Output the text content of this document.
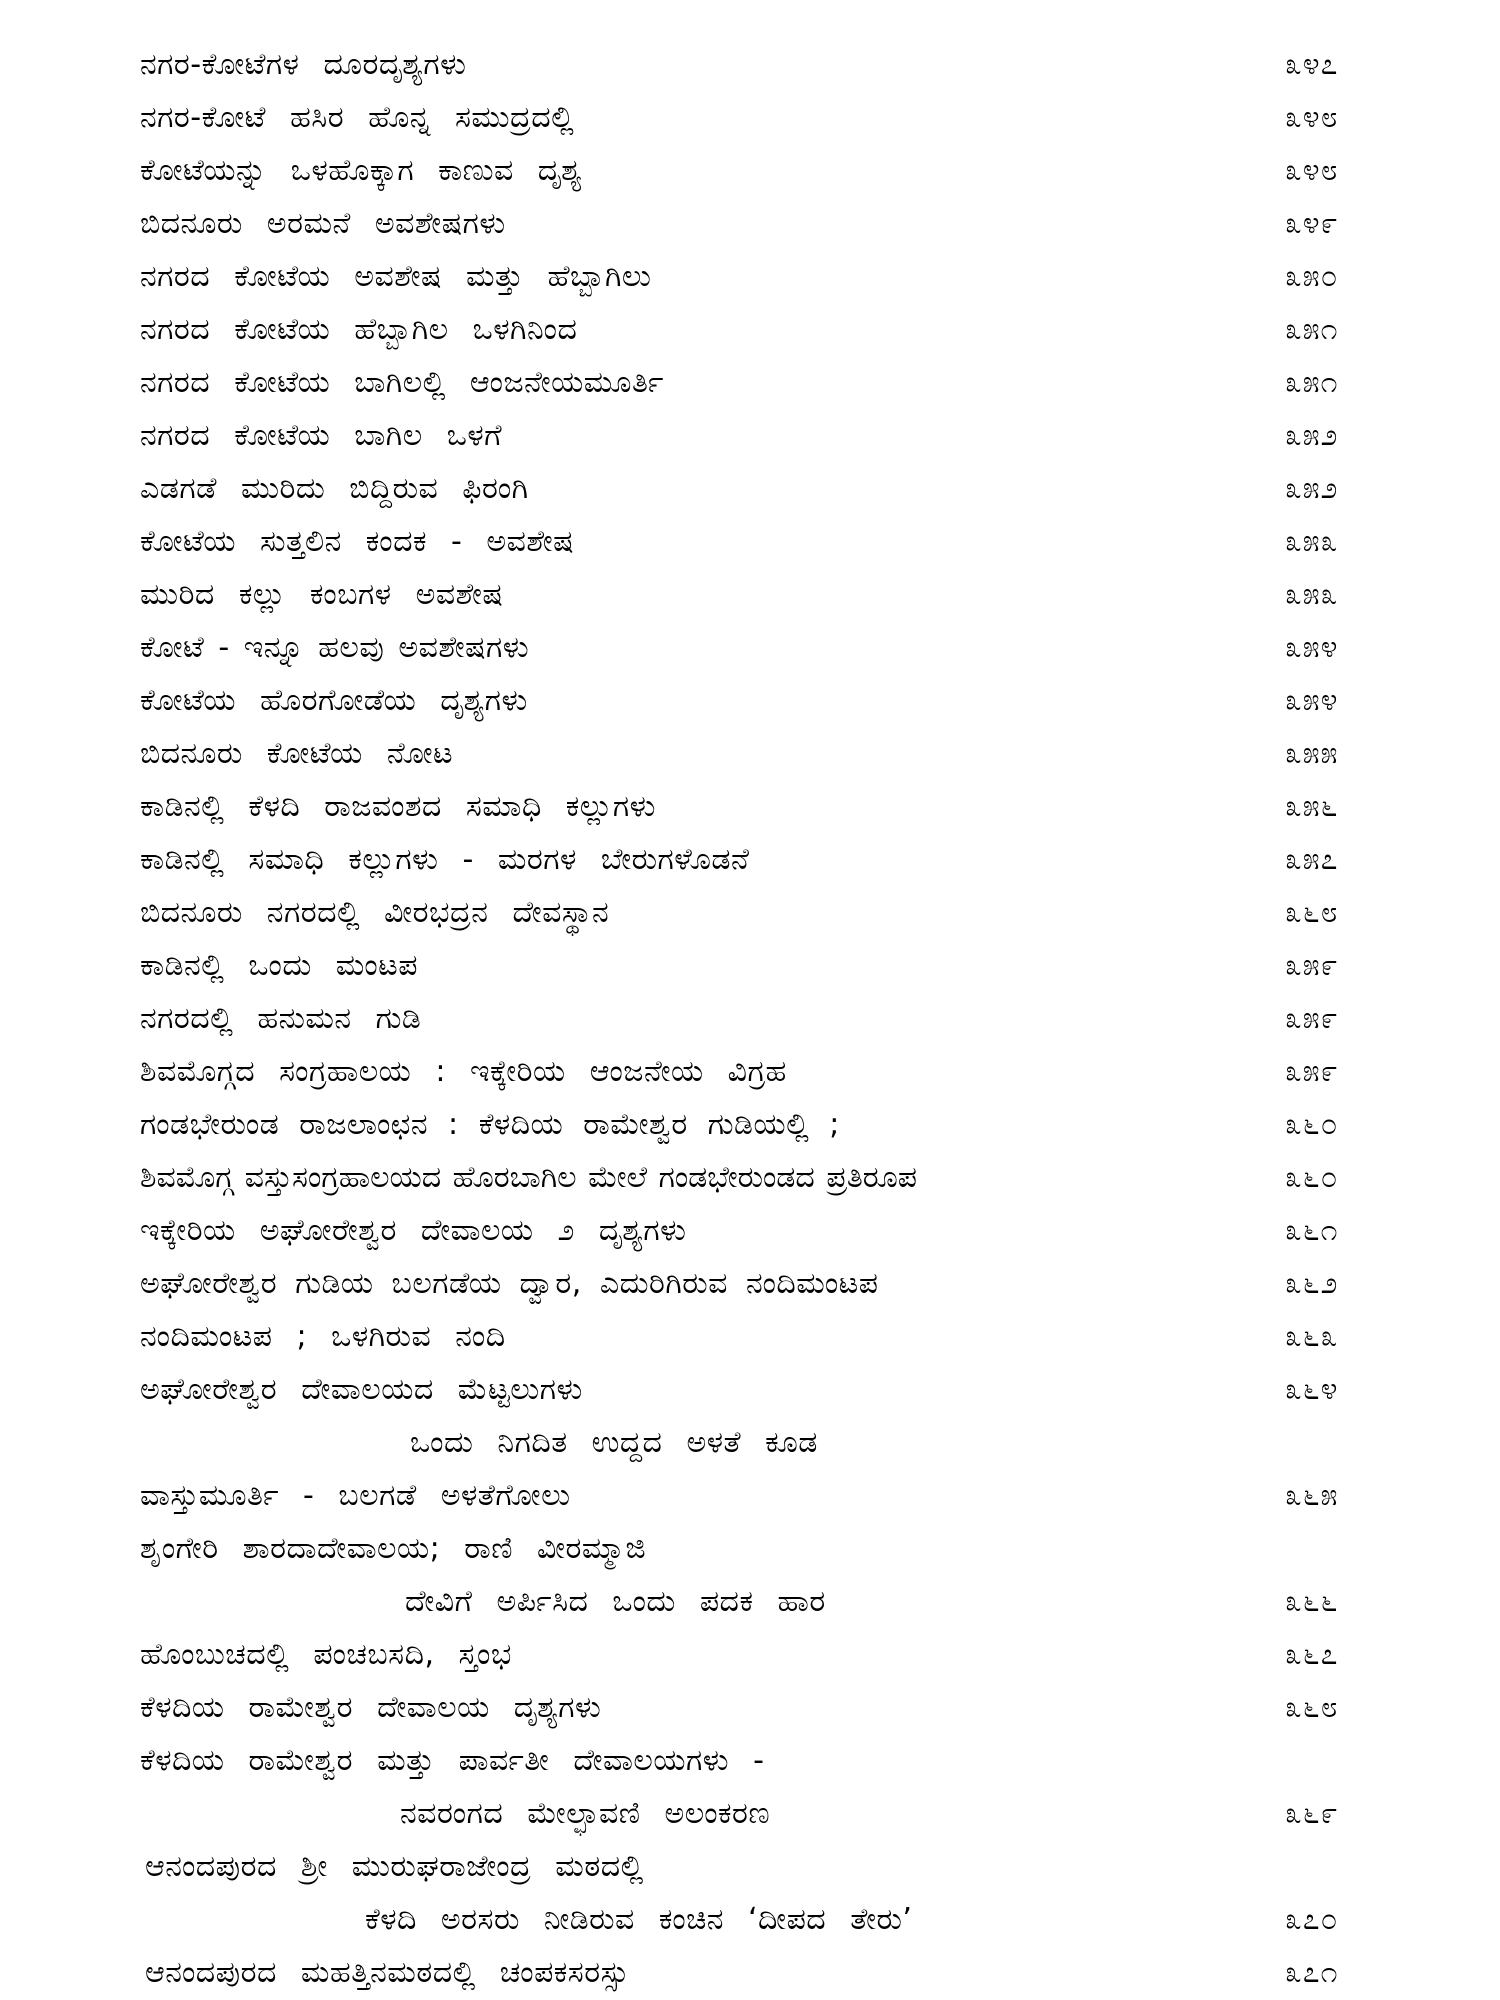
ನಗರ-ಕೋಟೆಗಳ ದೂರದೃಶ್ಯಗಳು	೩೪೭
ನಗರ-ಕೋಟೆ ಹಸಿರ ಹೊನ್ನ ಸಮುದ್ರದಲ್ಲಿ	೩೪೮
ಕೋಟೆಯನ್ನು ಒಳಹೊಕ್ಕಾಗ ಕಾಣುವ ದೃಶ್ಯ	೩೪೮
ಬಿದನೂರು ಅರಮನೆ ಅವಶೇಷಗಳು	೩೪೯
ನಗರದ ಕೋಟೆಯ ಅವಶೇಷ ಮತ್ತು ಹೆಬ್ಬಾಗಿಲು	೩೫೦
ನಗರದ ಕೋಟೆಯ ಹೆಬ್ಬಾಗಿಲ ಒಳಗಿನಿಂದ	೩೫೧
ನಗರದ ಕೋಟೆಯ ಬಾಗಿಲಲ್ಲಿ ಆಂಜನೇಯಮೂರ್ತಿ	೩೫೧
ನಗರದ ಕೋಟೆಯ ಬಾಗಿಲ ಒಳಗೆ	೩೫೨
ಎಡಗಡೆ ಮುರಿದು ಬಿದ್ದಿರುವ ಫಿರಂಗಿ	೩೫೨
ಕೋಟೆಯ ಸುತ್ತಲಿನ ಕಂದಕ - ಅವಶೇಷ	೩೫೩
ಮುರಿದ ಕಲ್ಲು ಕಂಬಗಳ ಅವಶೇಷ	೩೫೩
ಕೋಟೆ - ಇನ್ನೂ ಹಲವು ಅವಶೇಷಗಳು	೩೫೪
ಕೋಟೆಯ ಹೊರಗೋಡೆಯ ದೃಶ್ಯಗಳು	೩೫೪
ಬಿದನೂರು ಕೋಟೆಯ ನೋಟ	೩೫೫
ಕಾಡಿನಲ್ಲಿ ಕೆಳದಿ ರಾಜವಂಶದ ಸಮಾಧಿ ಕಲ್ಲುಗಳು	೩೫೬
ಕಾಡಿನಲ್ಲಿ ಸಮಾಧಿ ಕಲ್ಲುಗಳು - ಮರಗಳ ಬೇರುಗಳೊಡನೆ	೩೫೭
ಬಿದನೂರು ನಗರದಲ್ಲಿ ವೀರಭದ್ರನ ದೇವಸ್ಥಾನ	೩೬೮
ಕಾಡಿನಲ್ಲಿ ಒಂದು ಮಂಟಪ	೩೫೯
ನಗರದಲ್ಲಿ ಹನುಮನ ಗುಡಿ	೩೫೯
ಶಿವಮೊಗ್ಗದ ಸಂಗ್ರಹಾಲಯ : ಇಕ್ಕೇರಿಯ ಆಂಜನೇಯ ವಿಗ್ರಹ	೩೫೯
ಗಂಡಭೇರುಂಡ ರಾಜಲಾಂಛನ : ಕೆಳದಿಯ ರಾಮೇಶ್ವರ ಗುಡಿಯಲ್ಲಿ ;	೩೬೦
ಶಿವಮೊಗ್ಗ ವಸ್ತುಸಂಗ್ರಹಾಲಯದ ಹೊರಬಾಗಿಲ ಮೇಲೆ ಗಂಡಭೇರುಂಡದ ಪ್ರತಿರೂಪ	೩೬೦
ಇಕ್ಕೇರಿಯ ಅಘೋರೇಶ್ವರ ದೇವಾಲಯ ೨ ದೃಶ್ಯಗಳು	೩೬೧
ಅಘೋರೇಶ್ವರ ಗುಡಿಯ ಬಲಗಡೆಯ ದ್ವಾರ, ಎದುರಿಗಿರುವ ನಂದಿಮಂಟಪ	೩೬೨
ನಂದಿಮಂಟಪ ; ಒಳಗಿರುವ ನಂದಿ	೩೬೩
ಅಘೋರೇಶ್ವರ ದೇವಾಲಯದ ಮೆಟ್ಟಲುಗಳು	೩೬೪
ಒಂದು ನಿಗದಿತ ಉದ್ದದ ಅಳತೆ ಕೂಡ
ವಾಸ್ತುಮೂರ್ತಿ - ಬಲಗಡೆ ಅಳತೆಗೋಲು	೩೬೫
ಶೃಂಗೇರಿ ಶಾರದಾದೇವಾಲಯ; ರಾಣಿ ವೀರಮ್ಮಾಜಿ
ದೇವಿಗೆ ಅರ್ಪಿಸಿದ ಒಂದು ಪದಕ ಹಾರ	೩೬೬
ಹೊಂಬುಚದಲ್ಲಿ ಪಂಚಬಸದಿ, ಸ್ತಂಭ	೩೬೭
ಕೆಳದಿಯ ರಾಮೇಶ್ವರ ದೇವಾಲಯ ದೃಶ್ಯಗಳು	೩೬೮
ಕೆಳದಿಯ ರಾಮೇಶ್ವರ ಮತ್ತು ಪಾರ್ವತೀ ದೇವಾಲಯಗಳು -
ನವರಂಗದ ಮೇಲ್ಛಾವಣಿ ಅಲಂಕರಣ	೩೬೯
ಆನಂದಪುರದ ಶ್ರೀ ಮುರುಘರಾಜೇಂದ್ರ ಮಠದಲ್ಲಿ
ಕೆಳದಿ ಅರಸರು ನೀಡಿರುವ ಕಂಚಿನ ‘ದೀಪದ ತೇರು’	೩೭೦
ಆನಂದಪುರದ ಮಹತ್ತಿನಮಠದಲ್ಲಿ ಚಂಪಕಸರಸ್ಸು	೩೭೧
